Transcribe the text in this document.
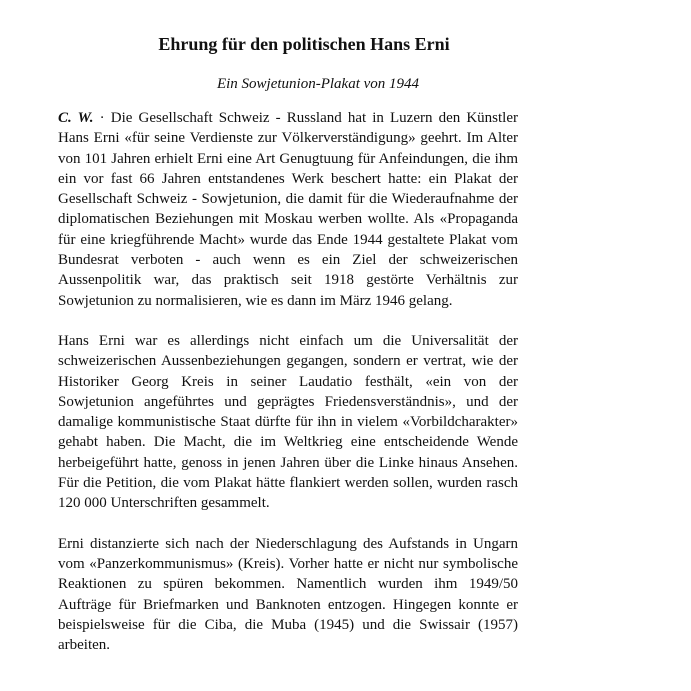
Ehrung für den politischen Hans Erni
Ein Sowjetunion-Plakat von 1944

C. W. · Die Gesellschaft Schweiz - Russland hat in Luzern den Künstler Hans Erni «für seine Verdienste zur Völkerverständigung» geehrt. Im Alter von 101 Jahren erhielt Erni eine Art Genugtuung für Anfeindungen, die ihm ein vor fast 66 Jahren entstandenes Werk beschert hatte: ein Plakat der Gesellschaft Schweiz - Sowjetunion, die damit für die Wiederaufnahme der diplomatischen Beziehungen mit Moskau werben wollte. Als «Propaganda für eine kriegführende Macht» wurde das Ende 1944 gestaltete Plakat vom Bundesrat verboten - auch wenn es ein Ziel der schweizerischen Aussenpolitik war, das praktisch seit 1918 gestörte Verhältnis zur Sowjetunion zu normalisieren, wie es dann im März 1946 gelang.

Hans Erni war es allerdings nicht einfach um die Universalität der schweizerischen Aussenbeziehungen gegangen, sondern er vertrat, wie der Historiker Georg Kreis in seiner Laudatio festhält, «ein von der Sowjetunion angeführtes und geprägtes Friedensverständnis», und der damalige kommunistische Staat dürfte für ihn in vielem «Vorbildcharakter» gehabt haben. Die Macht, die im Weltkrieg eine entscheidende Wende herbeigeführt hatte, genoss in jenen Jahren über die Linke hinaus Ansehen. Für die Petition, die vom Plakat hätte flankiert werden sollen, wurden rasch 120 000 Unterschriften gesammelt.

Erni distanzierte sich nach der Niederschlagung des Aufstands in Ungarn vom «Panzerkommunismus» (Kreis). Vorher hatte er nicht nur symbolische Reaktionen zu spüren bekommen. Namentlich wurden ihm 1949/50 Aufträge für Briefmarken und Banknoten entzogen. Hingegen konnte er beispielsweise für die Ciba, die Muba (1945) und die Swissair (1957) arbeiten.
